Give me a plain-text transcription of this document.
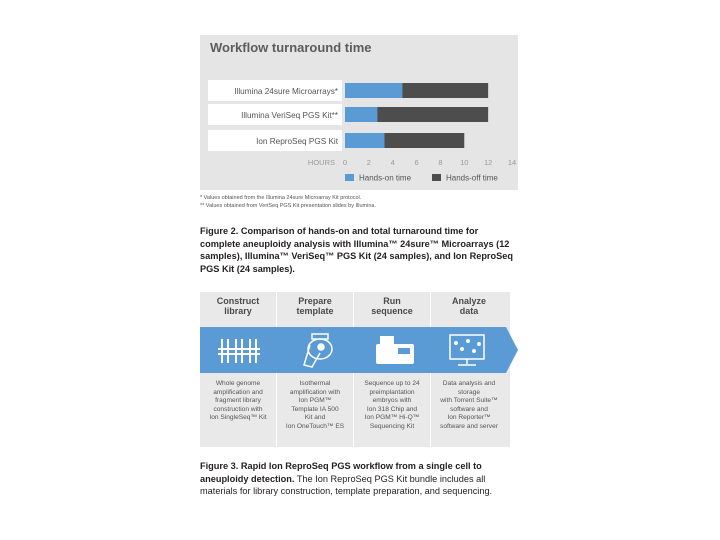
Workflow turnaround time
Illumina 24sure Microarrays*
Illumina VeriSeq PGS Kit**
Ion ReproSeq PGS Kit
HOURS 0	2	4	6	8 10 12 14
Hands-on time	Hands-off time
* Values obtained from the Illumina 24sure Microarray Kit protocol.
** Values obtained from VeriSeq PGS Kit presentation slides by Illumina.
Figure 2. Comparison of hands-on and total turnaround time for complete aneuploidy analysis with Illumina™ 24sure™ Microarrays (12 samples), Illumina™ VeriSeq™ PGS Kit (24 samples), and Ion ReproSeq PGS Kit (24 samples).
Construct
library
Whole genome
amplification and
fragment library
construction with
Ion SingleSeq™ Kit
Prepare
template
Isothermal
amplification with
Ion PGM™
Template IA 500
Kit and
Ion OneTouch™ ES
Run
sequence
Sequence up to 24
preimplantation
embryos with
Ion 318 Chip and
Ion PGM™ Hi-Q™
Sequencing Kit
Analyze
data
Data analysis and
storage
with Torrent Suite™
software and
Ion Reporter™
software and server
Figure 3. Rapid Ion ReproSeq PGS workflow from a single cell to aneuploidy detection. The Ion ReproSeq PGS Kit bundle includes all materials for library construction, template preparation, and sequencing.
